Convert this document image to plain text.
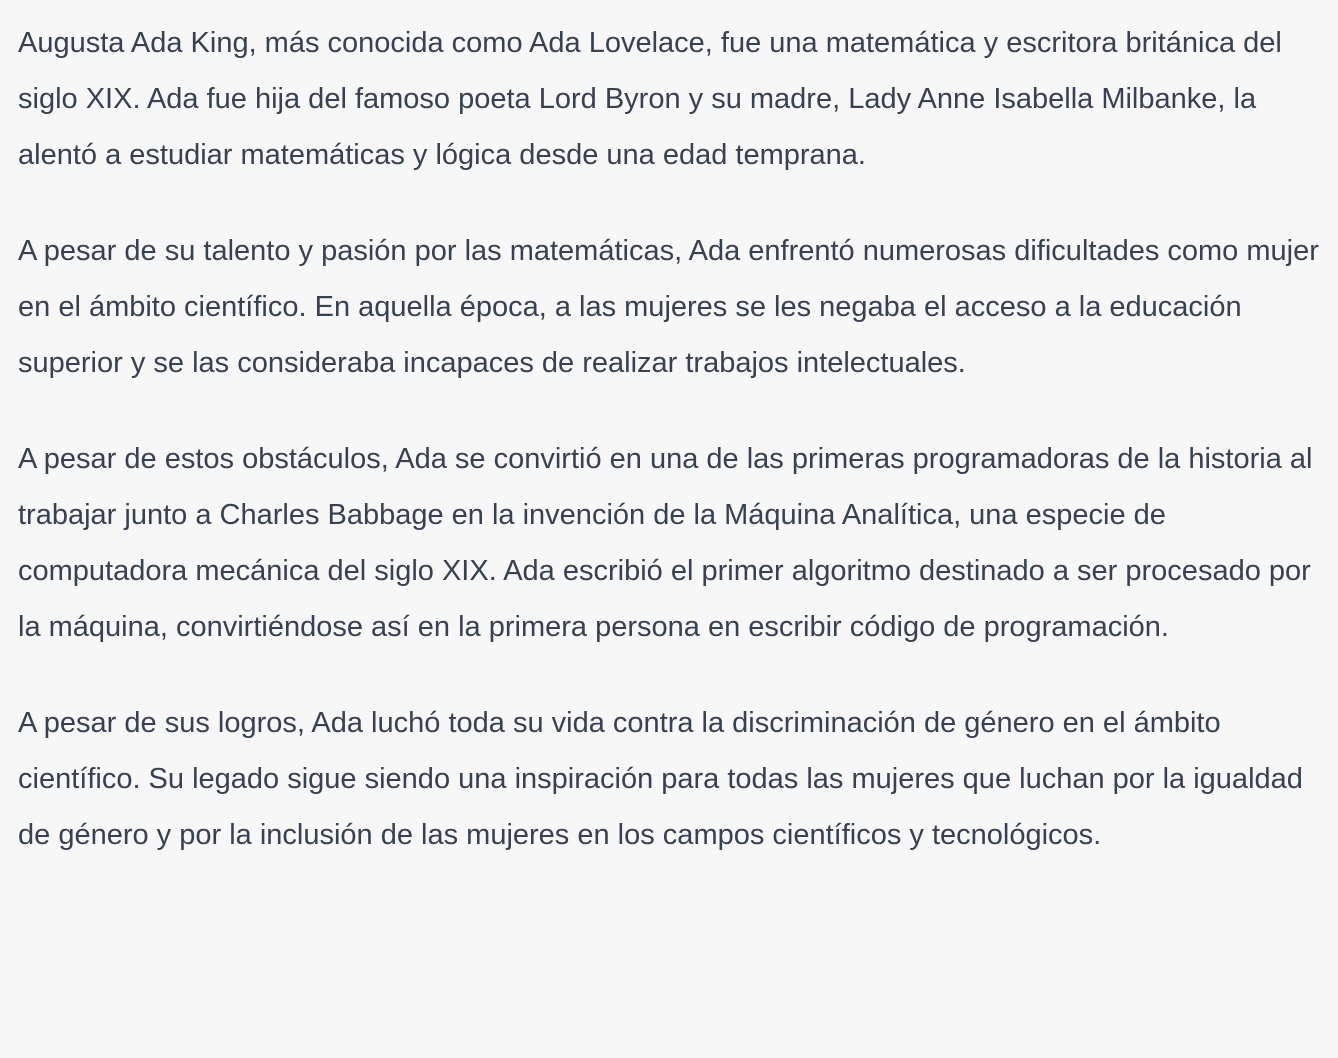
Augusta Ada King, más conocida como Ada Lovelace, fue una matemática y escritora británica del siglo XIX. Ada fue hija del famoso poeta Lord Byron y su madre, Lady Anne Isabella Milbanke, la alentó a estudiar matemáticas y lógica desde una edad temprana.

A pesar de su talento y pasión por las matemáticas, Ada enfrentó numerosas dificultades como mujer en el ámbito científico. En aquella época, a las mujeres se les negaba el acceso a la educación superior y se las consideraba incapaces de realizar trabajos intelectuales.

A pesar de estos obstáculos, Ada se convirtió en una de las primeras programadoras de la historia al trabajar junto a Charles Babbage en la invención de la Máquina Analítica, una especie de computadora mecánica del siglo XIX. Ada escribió el primer algoritmo destinado a ser procesado por la máquina, convirtiéndose así en la primera persona en escribir código de programación.

A pesar de sus logros, Ada luchó toda su vida contra la discriminación de género en el ámbito científico. Su legado sigue siendo una inspiración para todas las mujeres que luchan por la igualdad de género y por la inclusión de las mujeres en los campos científicos y tecnológicos.
